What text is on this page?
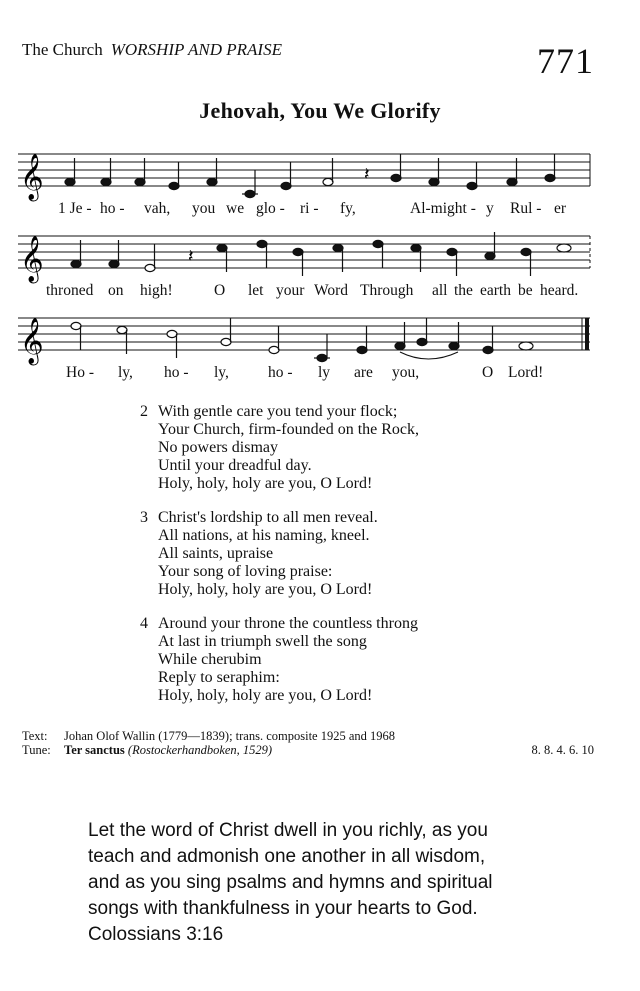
The Church WORSHIP AND PRAISE	771
Jehovah, You We Glorify
𝄞	𝄽
1 Je - ho - vah, you we glo - ri - fy,	Al-might - y Rul - er
𝄞	𝄽
throned on high!	O let your Word Through all the earth be heard.
𝄞
Ho - ly, ho - ly,	ho - ly are you,	O Lord!
2 With gentle care you tend your flock;
Your Church, firm-founded on the Rock,
No powers dismay
Until your dreadful day.
Holy, holy, holy are you, O Lord!
3 Christ's lordship to all men reveal.
All nations, at his naming, kneel.
All saints, upraise
Your song of loving praise:
Holy, holy, holy are you, O Lord!
4 Around your throne the countless throng
At last in triumph swell the song
While cherubim
Reply to seraphim:
Holy, holy, holy are you, O Lord!
Text: Johan Olof Wallin (1779—1839); trans. composite 1925 and 1968
Tune: Ter sanctus (Rostockerhandboken, 1529)	8. 8. 4. 6. 10
Let the word of Christ dwell in you richly, as you
teach and admonish one another in all wisdom,
and as you sing psalms and hymns and spiritual
songs with thankfulness in your hearts to God.
Colossians 3:16
